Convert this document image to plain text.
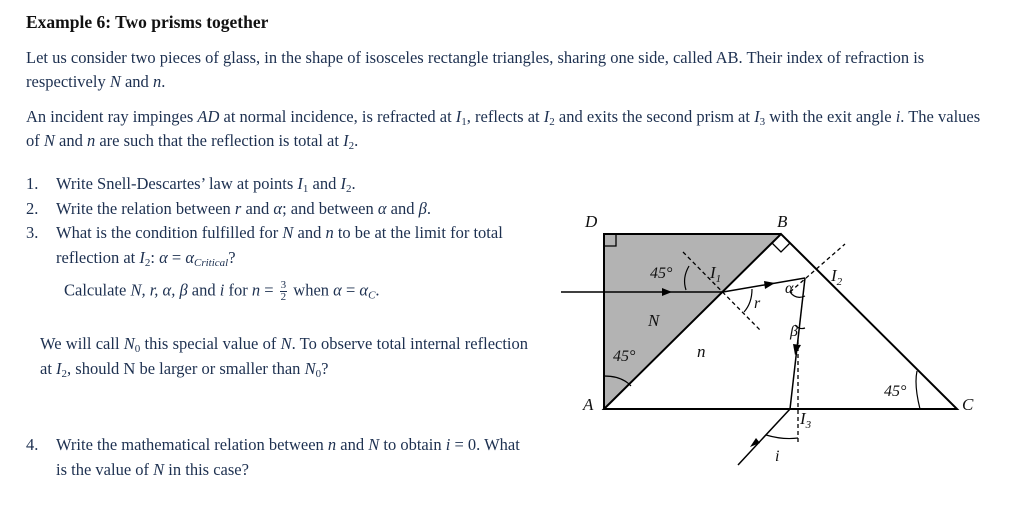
Example 6: Two prisms together
Let us consider two pieces of glass, in the shape of isosceles rectangle triangles, sharing one side, called AB. Their index of refraction is respectively N and n.
An incident ray impinges AD at normal incidence, is refracted at $I_1$, reflects at $I_2$ and exits the second prism at $I_3$ with the exit angle i. The values of N and n are such that the reflection is total at $I_2$.
1. Write Snell-Descartes’ law at points $I_1$ and $I_2$.
2. Write the relation between r and α; and between α and β.
3. What is the condition fulfilled for N and n to be at the limit for total reflection at $I_2$: $\alpha = \alpha_{Critical}$?
Calculate N, r, α, β and i for $n = \frac{3}{2}$ when $\alpha = \alpha_C$.
We will call $N_0$ this special value of N. To observe total internal reflection at $I_2$, should N be larger or smaller than $N_0$?
4. Write the mathematical relation between n and N to obtain i = 0. What is the value of N in this case?
D	B
A	C
N
n
45°
45°
45°
$I_1$	$I_2$
$I_3$
r
α
β
i
